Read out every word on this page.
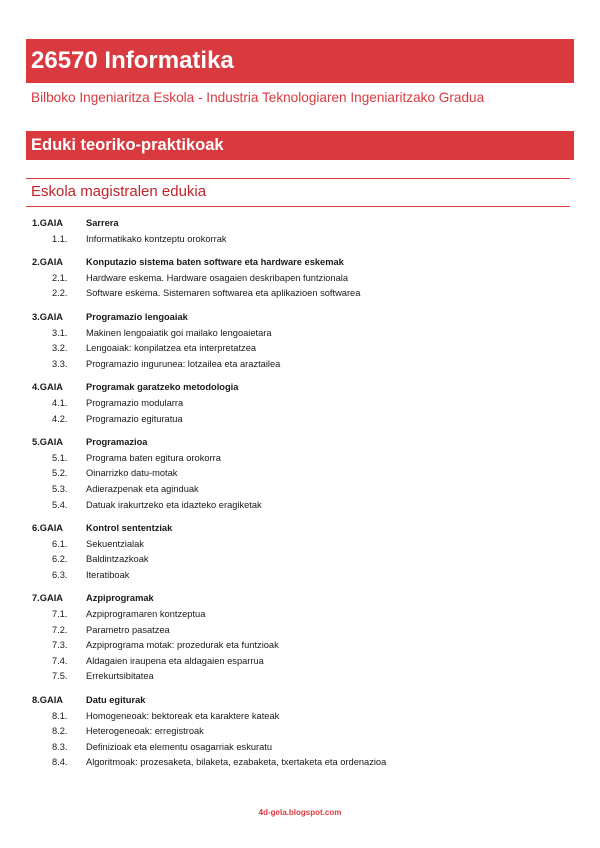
26570 Informatika
Bilboko Ingeniaritza Eskola - Industria Teknologiaren Ingeniaritzako Gradua
Eduki teoriko-praktikoak
Eskola magistralen edukia
1.GAIA Sarrera
1.1. Informatikako kontzeptu orokorrak
2.GAIA Konputazio sistema baten software eta hardware eskemak
2.1. Hardware eskema. Hardware osagaien deskribapen funtzionala
2.2. Software eskema. Sistemaren softwarea eta aplikazioen softwarea
3.GAIA Programazio lengoaiak
3.1. Makinen lengoaiatik goi mailako lengoaietara
3.2. Lengoaiak: konpilatzea eta interpretatzea
3.3. Programazio ingurunea: lotzailea eta araztailea
4.GAIA Programak garatzeko metodologia
4.1. Programazio modularra
4.2. Programazio egituratua
5.GAIA Programazioa
5.1. Programa baten egitura orokorra
5.2. Oinarrizko datu-motak
5.3. Adierazpenak eta aginduak
5.4. Datuak irakurtzeko eta idazteko eragiketak
6.GAIA Kontrol sententziak
6.1. Sekuentzialak
6.2. Baldintzazkoak
6.3. Iteratiboak
7.GAIA Azpiprogramak
7.1. Azpiprogramaren kontzeptua
7.2. Parametro pasatzea
7.3. Azpiprograma motak: prozedurak eta funtzioak
7.4. Aldagaien iraupena eta aldagaien esparrua
7.5. Errekurtsibitatea
8.GAIA Datu egiturak
8.1. Homogeneoak: bektoreak eta karaktere kateak
8.2. Heterogeneoak: erregistroak
8.3. Definizioak eta elementu osagarriak eskuratu
8.4. Algoritmoak: prozesaketa, bilaketa, ezabaketa, txertaketa eta ordenazioa
4d-gela.blogspot.com
